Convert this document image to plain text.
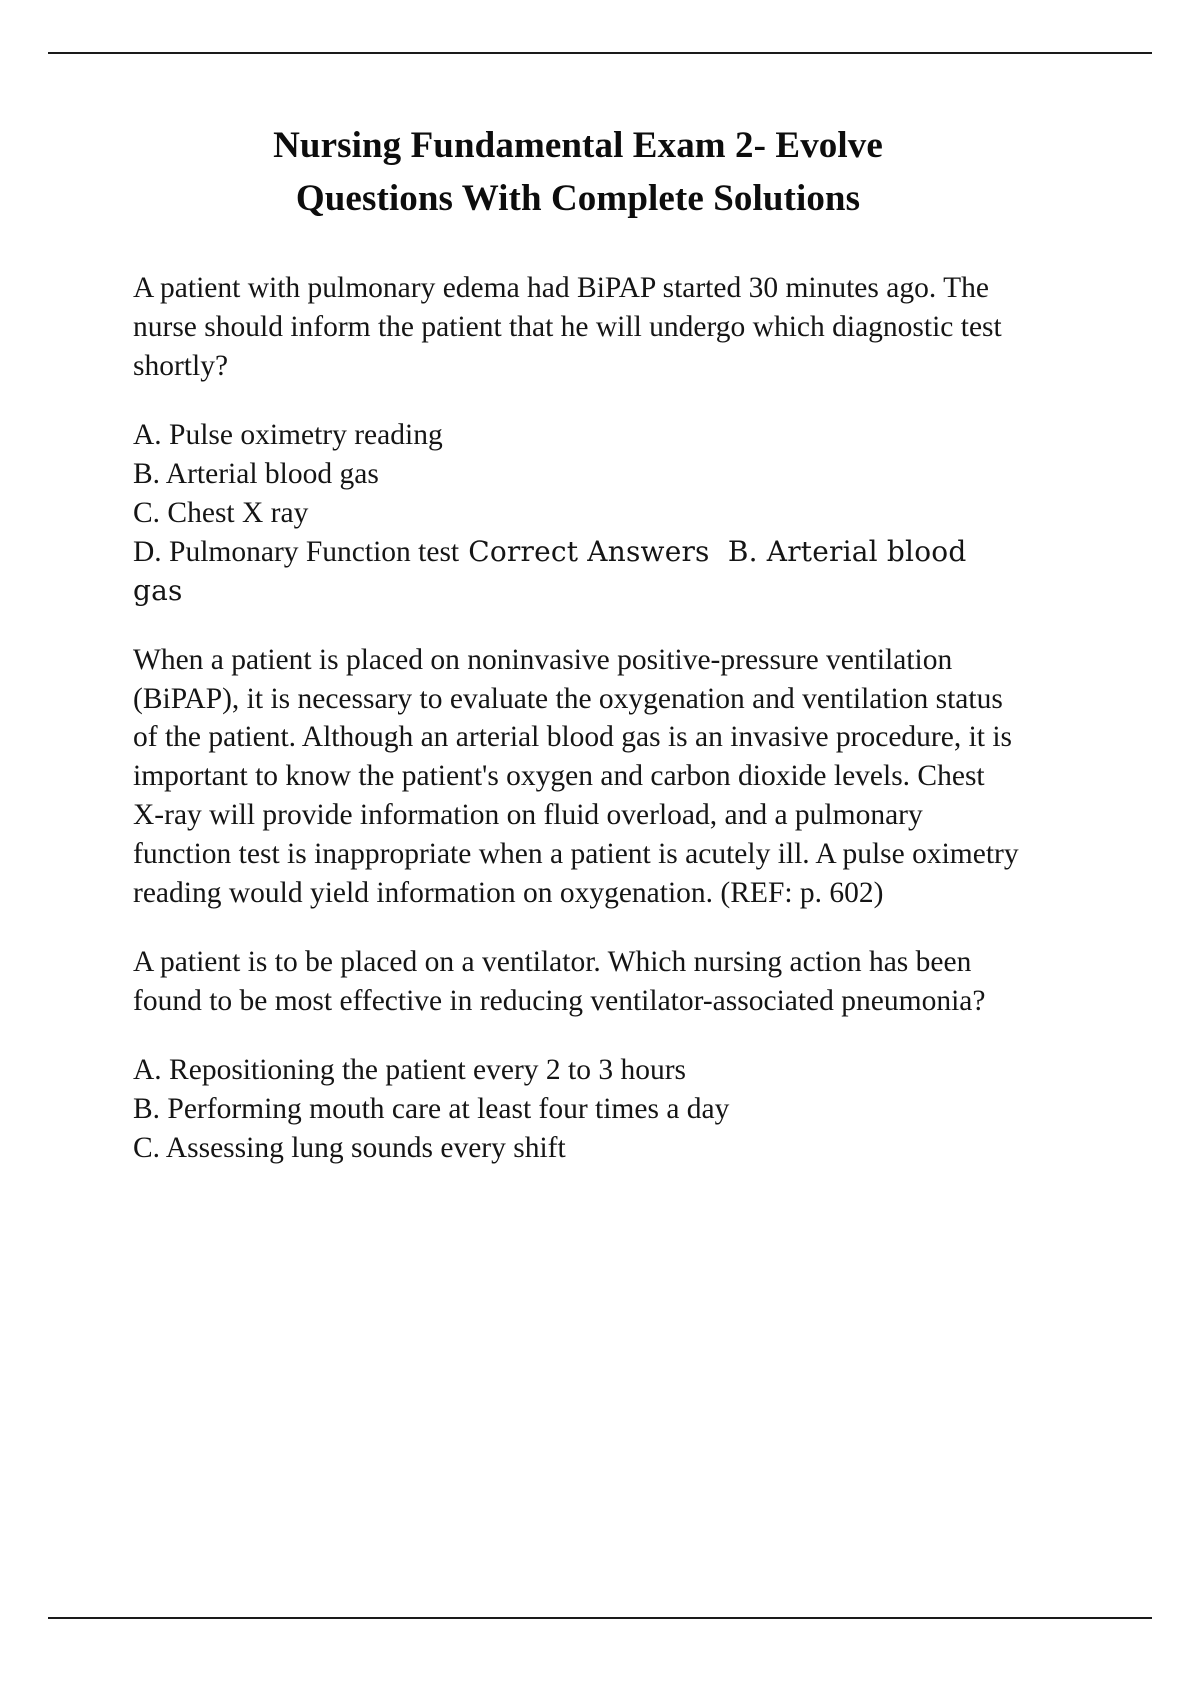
Nursing Fundamental Exam 2- Evolve
Questions With Complete Solutions

A patient with pulmonary edema had BiPAP started 30 minutes ago. The nurse should inform the patient that he will undergo which diagnostic test shortly?

A. Pulse oximetry reading

B. Arterial blood gas

C. Chest X ray

D. Pulmonary Function test Correct Answers B. Arterial blood gas

When a patient is placed on noninvasive positive-pressure ventilation (BiPAP), it is necessary to evaluate the oxygenation and ventilation status of the patient. Although an arterial blood gas is an invasive procedure, it is important to know the patient's oxygen and carbon dioxide levels. Chest X-ray will provide information on fluid overload, and a pulmonary function test is inappropriate when a patient is acutely ill. A pulse oximetry reading would yield information on oxygenation. (REF: p. 602)

A patient is to be placed on a ventilator. Which nursing action has been found to be most effective in reducing ventilator-associated pneumonia?

A. Repositioning the patient every 2 to 3 hours

B. Performing mouth care at least four times a day

C. Assessing lung sounds every shift
